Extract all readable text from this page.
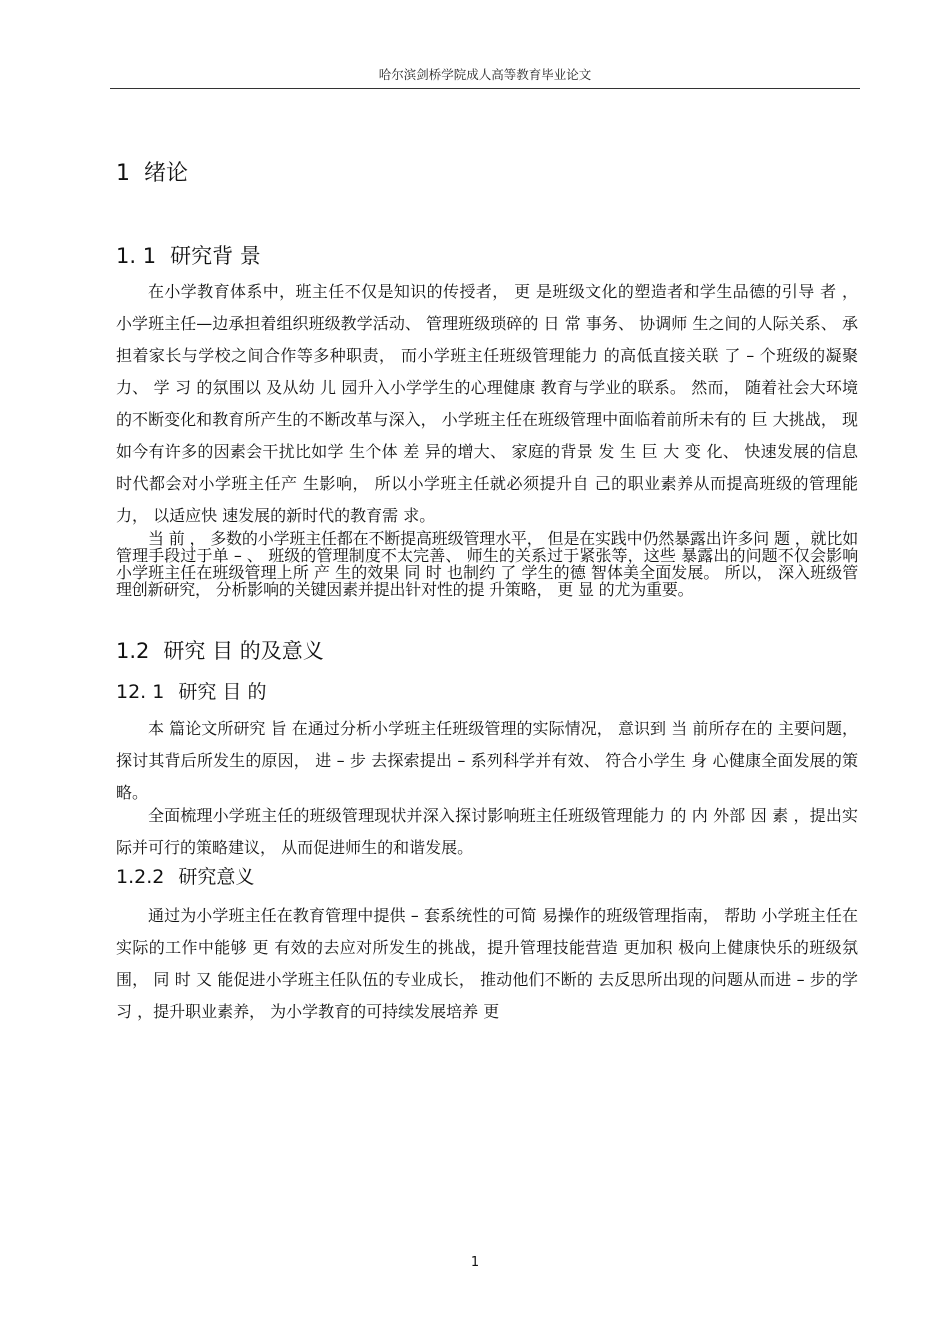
哈尔滨剑桥学院成人高等教育毕业论文
1 绪论
1. 1 研究背 景

在小学教育体系中，班主任不仅是知识的传授者， 更 是班级文化的塑造者和学生品德的引导 者 ， 小学班主任—边承担着组织班级教学活动、 管理班级琐碎的 日 常 事务、 协调师 生之间的人际关系、 承担着家长与学校之间合作等多种职责， 而小学班主任班级管理能力 的高低直接关联 了 – 个班级的凝聚力、 学 习 的氛围以 及从幼 儿 园升入小学学生的心理健康 教育与学业的联系。 然而， 随着社会大环境的不断变化和教育所产生的不断改革与深入， 小学班主任在班级管理中面临着前所未有的 巨 大挑战， 现如今有许多的因素会干扰比如学 生个体 差 异的增大、 家庭的背景 发 生 巨 大 变 化、 快速发展的信息时代都会对小学班主任产 生影响， 所以小学班主任就必须提升自 己的职业素养从而提高班级的管理能力， 以适应快 速发展的新时代的教育需 求。

当 前 ， 多数的小学班主任都在不断提高班级管理水平， 但是在实践中仍然暴露出许多问 题 ，就比如管理手段过于单 – 、 班级的管理制度不太完善、 师生的关系过于紧张等，这些 暴露出的问题不仅会影响小学班主任在班级管理上所 产 生的效果 同 时 也制约 了 学生的德 智体美全面发展。 所以， 深入班级管理创新研究， 分析影响的关键因素并提出针对性的提 升策略， 更 显 的尤为重要。

1.2 研究 目 的及意义
12. 1 研究 目 的

本 篇论文所研究 旨 在通过分析小学班主任班级管理的实际情况， 意识到 当 前所存在的 主要问题， 探讨其背后所发生的原因， 进 – 步 去探索提出 – 系列科学并有效、 符合小学生 身 心健康全面发展的策略。

全面梳理小学班主任的班级管理现状并深入探讨影响班主任班级管理能力 的 内 外部 因 素 ，提出实际并可行的策略建议， 从而促进师生的和谐发展。

1.2.2 研究意义

通过为小学班主任在教育管理中提供 – 套系统性的可简 易操作的班级管理指南， 帮助 小学班主任在实际的工作中能够 更 有效的去应对所发生的挑战，提升管理技能营造 更加积 极向上健康快乐的班级氛围， 同 时 又 能促进小学班主任队伍的专业成长， 推动他们不断的 去反思所出现的问题从而进 – 步的学 习 ，提升职业素养， 为小学教育的可持续发展培养 更

1
